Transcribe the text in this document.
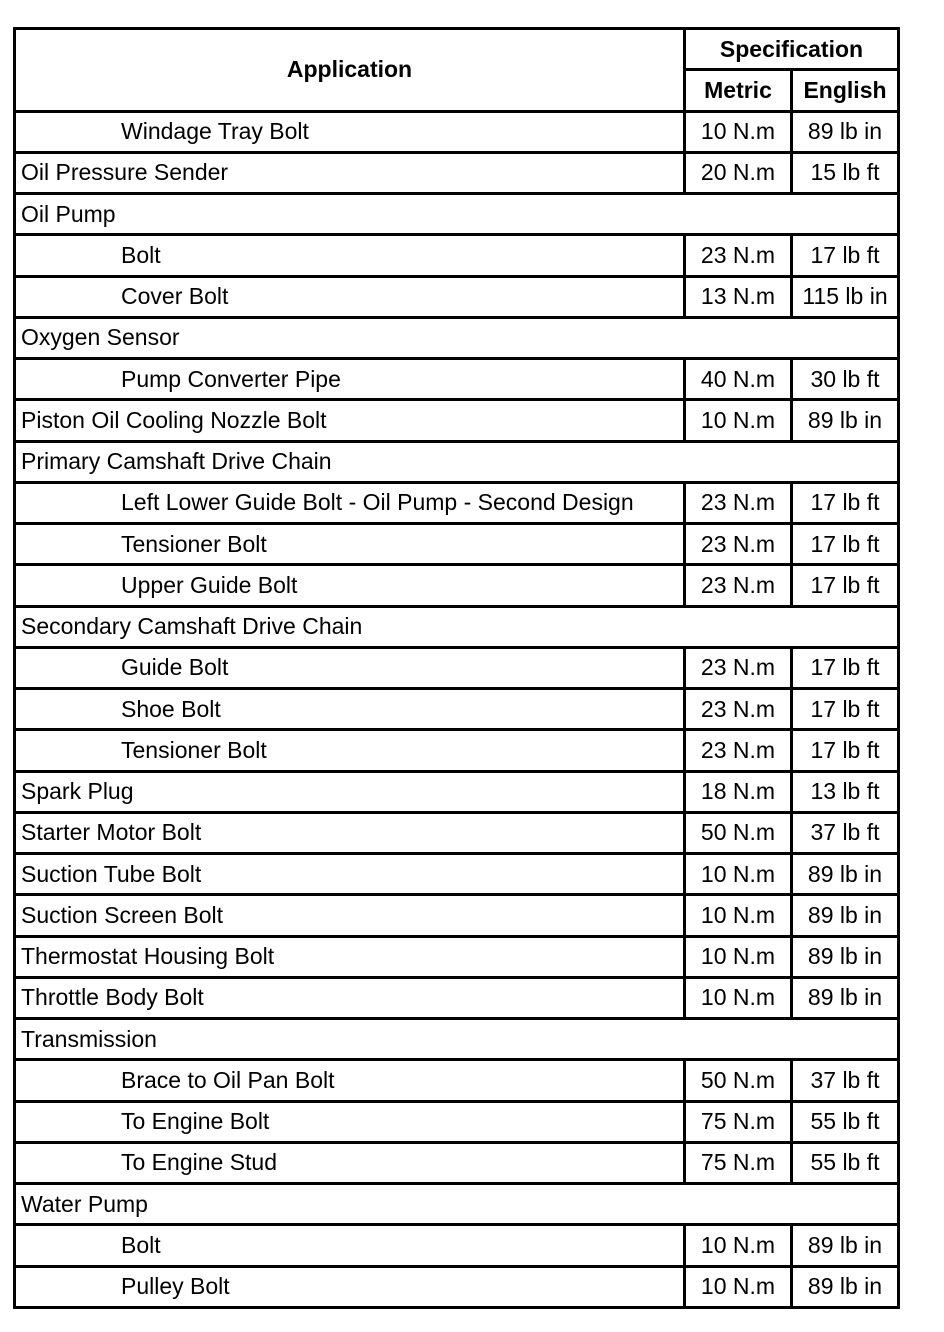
Application	Specification	
	Metric	English
Windage Tray Bolt	10 N.m	89 lb in
Oil Pressure Sender	20 N.m	15 lb ft
Oil Pump		
Bolt	23 N.m	17 lb ft
Cover Bolt	13 N.m	115 lb in
Oxygen Sensor		
Pump Converter Pipe	40 N.m	30 lb ft
Piston Oil Cooling Nozzle Bolt	10 N.m	89 lb in
Primary Camshaft Drive Chain		
Left Lower Guide Bolt - Oil Pump - Second Design	23 N.m	17 lb ft
Tensioner Bolt	23 N.m	17 lb ft
Upper Guide Bolt	23 N.m	17 lb ft
Secondary Camshaft Drive Chain		
Guide Bolt	23 N.m	17 lb ft
Shoe Bolt	23 N.m	17 lb ft
Tensioner Bolt	23 N.m	17 lb ft
Spark Plug	18 N.m	13 lb ft
Starter Motor Bolt	50 N.m	37 lb ft
Suction Tube Bolt	10 N.m	89 lb in
Suction Screen Bolt	10 N.m	89 lb in
Thermostat Housing Bolt	10 N.m	89 lb in
Throttle Body Bolt	10 N.m	89 lb in
Transmission		
Brace to Oil Pan Bolt	50 N.m	37 lb ft
To Engine Bolt	75 N.m	55 lb ft
To Engine Stud	75 N.m	55 lb ft
Water Pump		
Bolt	10 N.m	89 lb in
Pulley Bolt	10 N.m	89 lb in
